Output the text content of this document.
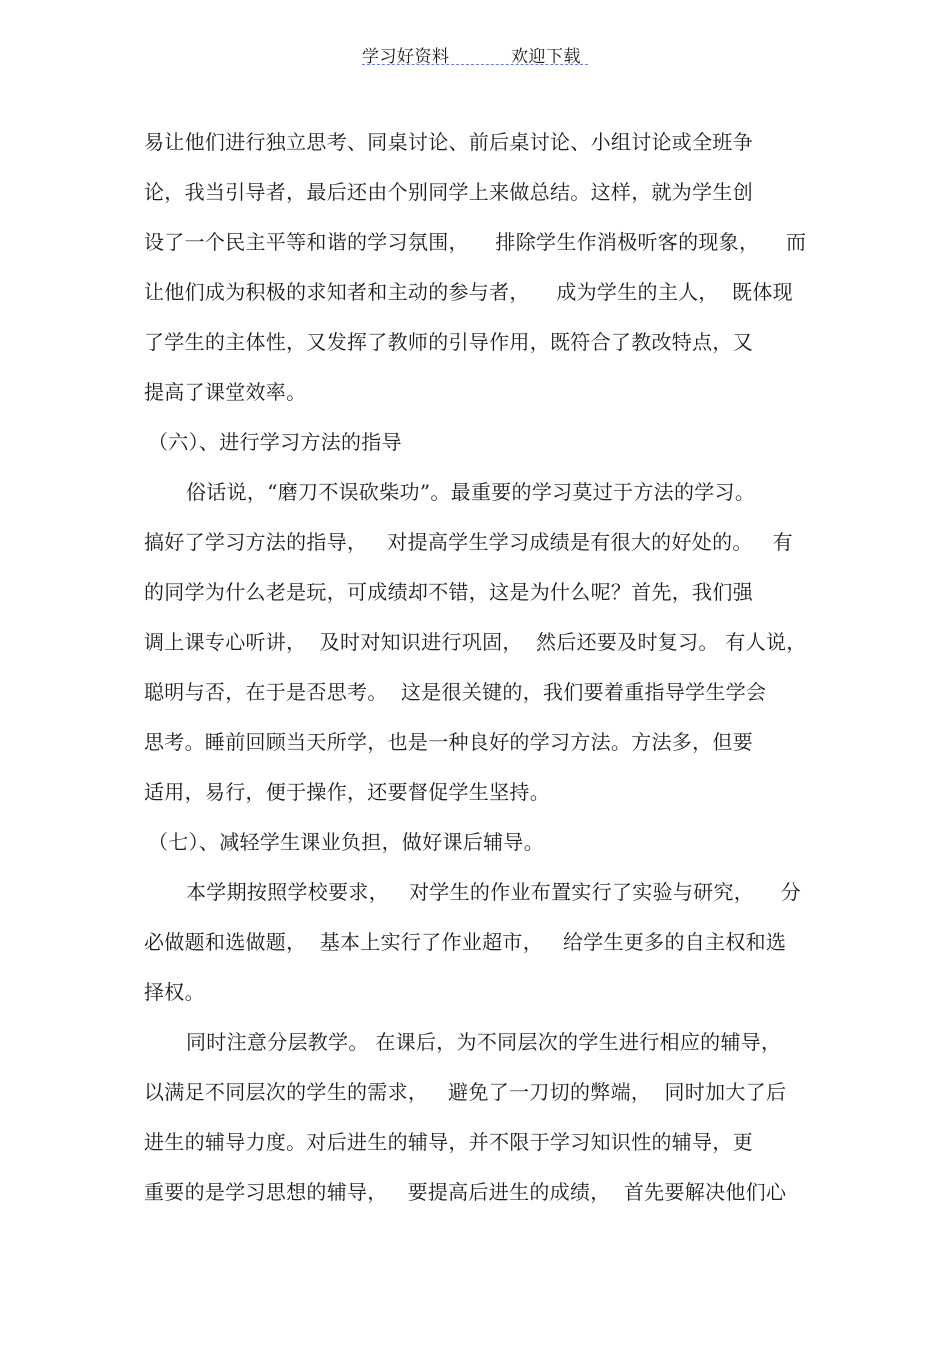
学习好资料	欢迎下载
易让他们进行独立思考、同桌讨论、前后桌讨论、小组讨论或全班争
论，我当引导者，最后还由个别同学上来做总结。这样，就为学生创
设了一个民主平等和谐的学习氛围，    排除学生作消极听客的现象，    而
让他们成为积极的求知者和主动的参与者，    成为学生的主人，  既体现
了学生的主体性，又发挥了教师的引导作用，既符合了教改特点，又
提高了课堂效率。
（六）、进行学习方法的指导
俗话说，“磨刀不误砍柴功”。最重要的学习莫过于方法的学习。
搞好了学习方法的指导，   对提高学生学习成绩是有很大的好处的。   有
的同学为什么老是玩，可成绩却不错，这是为什么呢？首先，我们强
调上课专心听讲，  及时对知识进行巩固，  然后还要及时复习。 有人说，
聪明与否，在于是否思考。  这是很关键的，我们要着重指导学生学会
思考。睡前回顾当天所学，也是一种良好的学习方法。方法多，但要
适用，易行，便于操作，还要督促学生坚持。
（七）、减轻学生课业负担，做好课后辅导。
本学期按照学校要求，   对学生的作业布置实行了实验与研究，    分
必做题和选做题，  基本上实行了作业超市，   给学生更多的自主权和选
择权。
同时注意分层教学。 在课后，为不同层次的学生进行相应的辅导，
以满足不同层次的学生的需求，   避免了一刀切的弊端，  同时加大了后
进生的辅导力度。对后进生的辅导，并不限于学习知识性的辅导，更
重要的是学习思想的辅导，   要提高后进生的成绩，  首先要解决他们心
